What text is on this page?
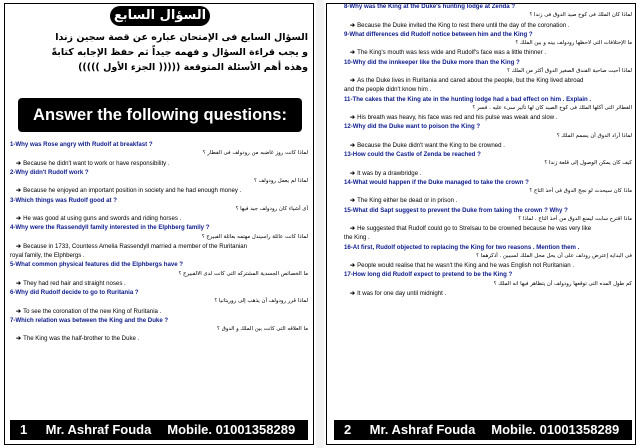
السؤال السابع
السؤال السابع فى الإمتحان عباره عن قصة سجين زندا
و يجب قراءة السؤال و فهمه جيداً ثم حفظ الإجابه كتابةً
وهذه أهم الأسئلة المتوقعة ((((( الجزء الأول )))))
Answer the following questions:
1-Why was Rose angry with Rudolf at breakfast ?
لماذا كانت روز غاضبه من رودولف فى الفطار ؟
➔ Because he didn't want to work or have responsibility .
2-Why didn't Rudolf work ?
لماذا لم يعمل رودولف ؟
➔ Because he enjoyed an important position in society and he had enough money .
3-Which things was Rudolf good at ?
أى أشياء كان رودولف جيد فيها ؟
➔ He was good at using guns and swords and riding horses .
4-Why were the Rassendyll family interested in the Elphberg family ?
لماذا كانت عائلة راسيندل مهتمه بعائلة الفبيرج ؟
➔ Because in 1733, Countess Amelia Rassendyll married a member of the Ruritanian
royal family, the Elphbergs .
5-What common physical features did the Elphbergs have ?
ما الخصائص الجسدية المشتركه التى كانت لدى الالفبيرج ؟
➔ They had red hair and straight noses .
6-Why did Rudolf decide to go to Ruritania ?
لماذا قرر رودولف أن يذهب إلى روريتانيا ؟
➔ To see the coronation of the new King of Ruritania .
7-Which relation was between the King and the Duke ?
ما العلاقه التى كانت بين الملك و الدوق ؟
➔ The King was the half-brother to the Duke .
1 Mr. Ashraf Fouda Mobile. 01001358289
8-Why was the King at the Duke's hunting lodge at Zenda ?
لماذا كان الملك فى كوخ صيد الدوق فى زندا ؟
➔ Because the Duke invited the King to rest there until the day of the coronation .
9-What differences did Rudolf notice between him and the King ?
ما الإختلافات التى لاحظها رودولف بينه و بين الملك ؟
➔ The King's mouth was less wide and Rudolf's face was a little thinner .
10-Why did the innkeeper like the Duke more than the King ?
لماذا أحبت صاحبة الفندق الصغير الدوق أكثر من الملك ؟
➔ As the Duke lives in Ruritania and cared about the people, but the King lived abroad
and the people didn't know him .
11-The cakes that the King ate in the hunting lodge had a bad effect on him . Explain .
الفطائر التى أكلها الملك فى كوخ الصيد كان لها تأثير سىء عليه . فسر ؟
➔ His breath was heavy, his face was red and his pulse was weak and slow .
12-Why did the Duke want to poison the King ?
لماذا أراد الدوق أن يسمم الملك ؟
➔ Because the Duke didn't want the King to be crowned .
13-How could the Castle of Zenda be reached ?
كيف كان يمكن الوصول إلى قلعة زندا ؟
➔ It was by a drawbridge .
14-What would happen if the Duke managed to take the crown ?
ماذا كان سيحدث لو نجح الدوق فى أخذ التاج ؟
➔ The King either be dead or in prison .
15-What did Sapt suggest to prevent the Duke from taking the crown ? Why ?
ماذا اقترح سابت ليمنع الدوق من أخذ التاج . لماذا ؟
➔ He suggested that Rudolf could go to Strelsau to be crowned because he was very like
the King .
16-At first, Rudolf objected to replacing the King for two reasons . Mention them .
فى البدايه إعترض رودلف على أن يحل محل الملك لسببين . أذكرهما ؟
➔ People would realise that he wasn't the King and he was English not Ruritanian .
17-How long did Rudolf expect to pretend to be the King ?
كم طول المده التى توقعها رودولف أن يتظاهر فيها انه الملك ؟
➔ It was for one day until midnight .
2 Mr. Ashraf Fouda Mobile. 01001358289
